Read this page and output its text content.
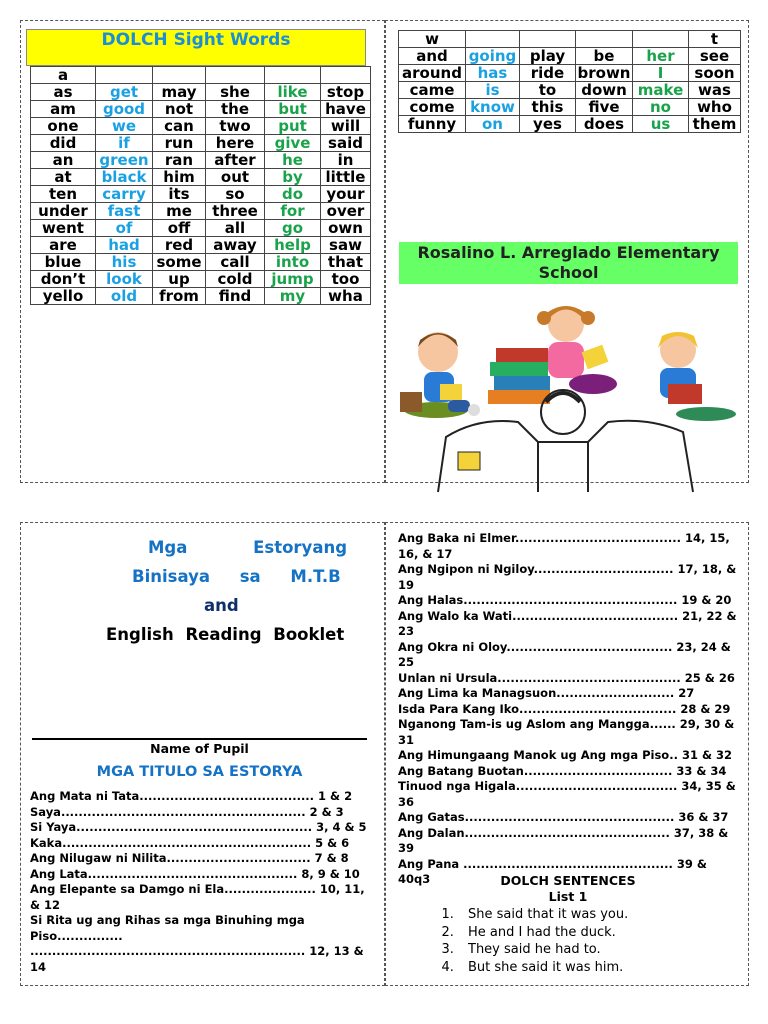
DOLCH Sight Words
a					
as	get	may	she	like	stop
am	good	not	the	but	have
one	we	can	two	put	will
did	if	run	here	give	said
an	green	ran	after	he	in
at	black	him	out	by	little
ten	carry	its	so	do	your
under	fast	me	three	for	over
went	of	off	all	go	own
are	had	red	away	help	saw
blue	his	some	call	into	that
don’t	look	up	cold	jump	too
yello	old	from	find	my	wha
w					t
and	going	play	be	her	see
around	has	ride	brown	I	soon
came	is	to	down	make	was
come	know	this	five	no	who
funny	on	yes	does	us	them
Rosalino L. Arreglado Elementary School
Mga Estoryang
Binisaya sa M.T.B
and
English Reading Booklet
Name of Pupil
MGA TITULO SA ESTORYA
Ang Mata ni Tata........................................ 1 & 2
Saya........................................................ 2 & 3
Si Yaya...................................................... 3, 4 & 5
Kaka......................................................... 5 & 6
Ang Nilugaw ni Nilita................................. 7 & 8
Ang Lata................................................ 8, 9 & 10
Ang Elepante sa Damgo ni Ela..................... 10, 11,
& 12
Si Rita ug ang Rihas sa mga Binuhing mga
Piso...............
............................................................... 12, 13 & 14
Ang Baka ni Elmer...................................... 14, 15,
16, & 17
Ang Ngipon ni Ngiloy................................ 17, 18, &
19
Ang Halas................................................. 19 & 20
Ang Walo ka Wati...................................... 21, 22 &
23
Ang Okra ni Oloy...................................... 23, 24 &
25
Unlan ni Ursula.......................................... 25 & 26
Ang Lima ka Managsuon........................... 27
Isda Para Kang Iko.................................... 28 & 29
Nganong Tam-is ug Aslom ang Mangga...... 29, 30 &
31
Ang Himungaang Manok ug Ang mga Piso.. 31 & 32
Ang Batang Buotan.................................. 33 & 34
Tinuod nga Higala..................................... 34, 35 &
36
Ang Gatas................................................ 36 & 37
Ang Dalan............................................... 37, 38 & 39
Ang Pana ................................................ 39 & 40q3	DOLCH SENTENCES
List 1
1. She said that it was you.
2. He and I had the duck.
3. They said he had to.
4. But she said it was him.
